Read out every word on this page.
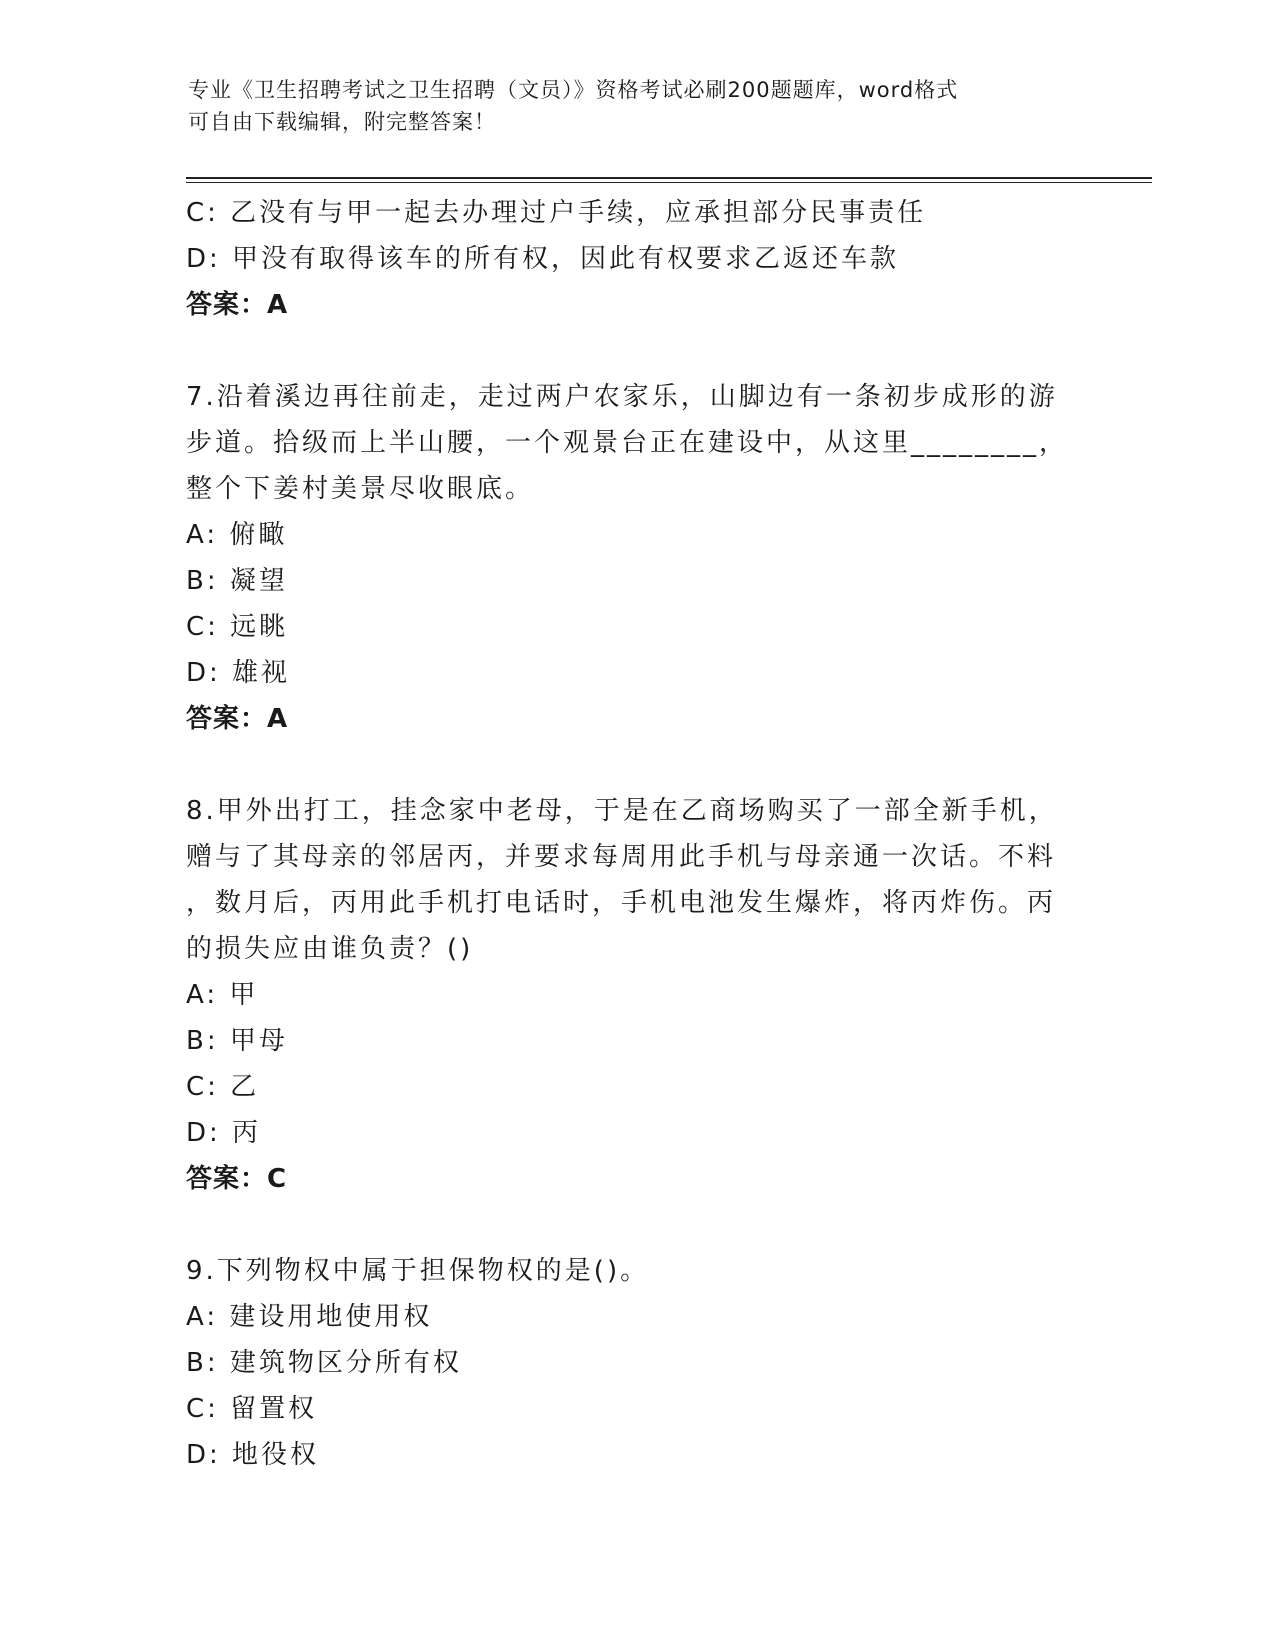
专业《卫生招聘考试之卫生招聘（文员）》资格考试必刷200题题库，word格式
可自由下载编辑，附完整答案！
C: 乙没有与甲一起去办理过户手续，应承担部分民事责任
D: 甲没有取得该车的所有权，因此有权要求乙返还车款
答案：A
7.沿着溪边再往前走，走过两户农家乐，山脚边有一条初步成形的游
步道。拾级而上半山腰，一个观景台正在建设中，从这里________，
整个下姜村美景尽收眼底。
A: 俯瞰
B: 凝望
C: 远眺
D: 雄视
答案：A
8.甲外出打工，挂念家中老母，于是在乙商场购买了一部全新手机，
赠与了其母亲的邻居丙，并要求每周用此手机与母亲通一次话。不料
，数月后，丙用此手机打电话时，手机电池发生爆炸，将丙炸伤。丙
的损失应由谁负责？()
A: 甲
B: 甲母
C: 乙
D: 丙
答案：C
9.下列物权中属于担保物权的是()。
A: 建设用地使用权
B: 建筑物区分所有权
C: 留置权
D: 地役权
